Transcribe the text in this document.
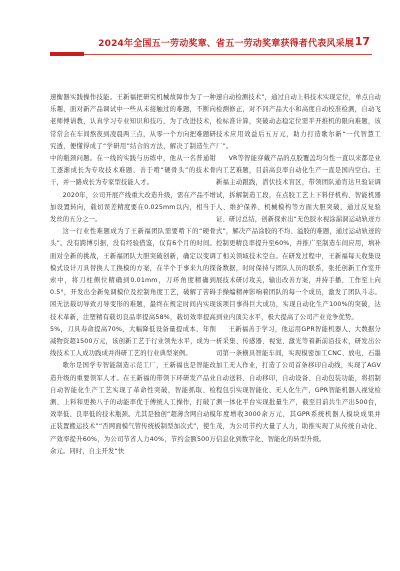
2024年全国五一劳动奖章、省五一劳动奖章获得者代表风采展 17

速衡器实践操作技能。王新福把研究机械故障作为了一种乐趣，面对新产品调试中一些从未接触过的难题，不断向老师傅请教，认真学习专业知识和技巧，为了改进技术，常常会在车间熬夜到凌晨两三点，从零一个方向把难题研究透，便懂得成了“学研用”结合的方法，解决了制造生产中的瓶颈问题。在一线的实践与历练中，他从一名普通钳工逐渐成长为专攻技术难题、善于啃“硬骨头”的技术骨干，并一路成长为专家型技能人才。

2020年，公司开展产线重大改造升级，需在产品不增加设置转向，载切误差精度要在0.025mm以内，相当于发丝的五分之一。

这一行业性难题成为了王新福团队需要啃下的“硬骨头”。没有跨博引据，没有经验借鉴，仅有6个月的时间。面对全新的挑战，王新福团队大胆突破创新，确定以变调模式设计刀具替换人工换模的方案，在半个于事来九的探索中，将刀柱侧位精确到0.01mm，刀环角度精确到0.5°，开发出全新免调模位及控制角度工艺，破解了苦碍困无法载切导致刃导变形的难题，最终在规定时间内实现技术革新，注塑精有载切良品率提高58%，载切效率提高5%，刀具寿命提高70%，大幅降低设备量提成本，年削减物资超1500万元，该创新工艺于行业领先水平，成为一线技术工人成功践成并得研工艺的行业典型案例。

歌尔是国学专智能制造示范工厂，王新福也是智能改造升级的重要领军人才。在王新福的带领下环研发产品业自动智能化生产工艺实现了革命性突破，智能抓取、检测、上料和更换八子的动能率优于傅统人工操作，打破了效率低、良率低的技术瓶颈。尤其是独创“超薄含网自动模正装置搬运技术”“否网面模气管传统板制型加次式”，使生产效率提升60%，为公司节省人力40%，节约金额500万余元。同时，自主开发“快

速自动检测技术”，通过自动上料技术实现定位，单点自动检测修正，对不同产品大小和高度自动校准检测，自动飞检标准计算，突破动态稳定位需平开推机的限向难题，该技术应用效益后五万元，助力打造歌尔新“一代智慧工厂”。

VR等智能穿戴产品的点胶覆盖均匀性一直以来都是业内工艺难题，目前高良率自动化生产一直是国内空白。王新福主动跟践，潜伏技术盲区，带领团队通宵达旦验证调试，拆解制造工段，在点胶工艺上下料仔机构、智能机器人、维护保养、机械模构等方面大胆突破，通过反复验证、研讨总结，创新探索出“无色胶水视涂漏洞运动轨迹方式”，解决产品涂胶的不均、溢胶的难题，通过运动轨迹的控制更精良率提升至60%，并推广至制造车间应用，填补了相关领域技术空白。在研发过程中，王新福每天收集设备数据，时时保持与团队人员的联系，张托创新工作室开展技术研讨攻关，输出改善方案，并持手播、工作至上向手操编精神影响着团队的每一个成员，激发了团队斗志。该项目事得巨大成功，实现自动化生产100%的突破，达到业内顶尖水平，极大提高了公司产业竞争优势。

王新福善于学习，他运用GPR智能机器人、大数据分析采集、传感器、视觉、激光等着新前沿技术，研发出公司第一条横具智能车间，实现模密加工CNC、放电、石墨加工无人作业，打造了公司首条移印自动线，实现了AGV自动送料、自动移印，自动设备、自动包装功能，将招制程包引实现智能化、无人化生产，GPR智能机器人视觉检测一体化平台实现批量生产，截至目前共生产出500台，年度增收3000余万元，其GPR系统机器人模块成果并茂，为公司节约大量了人力，助推实现了从传统自动化、信息化到数字化、智能化的转型升级。
